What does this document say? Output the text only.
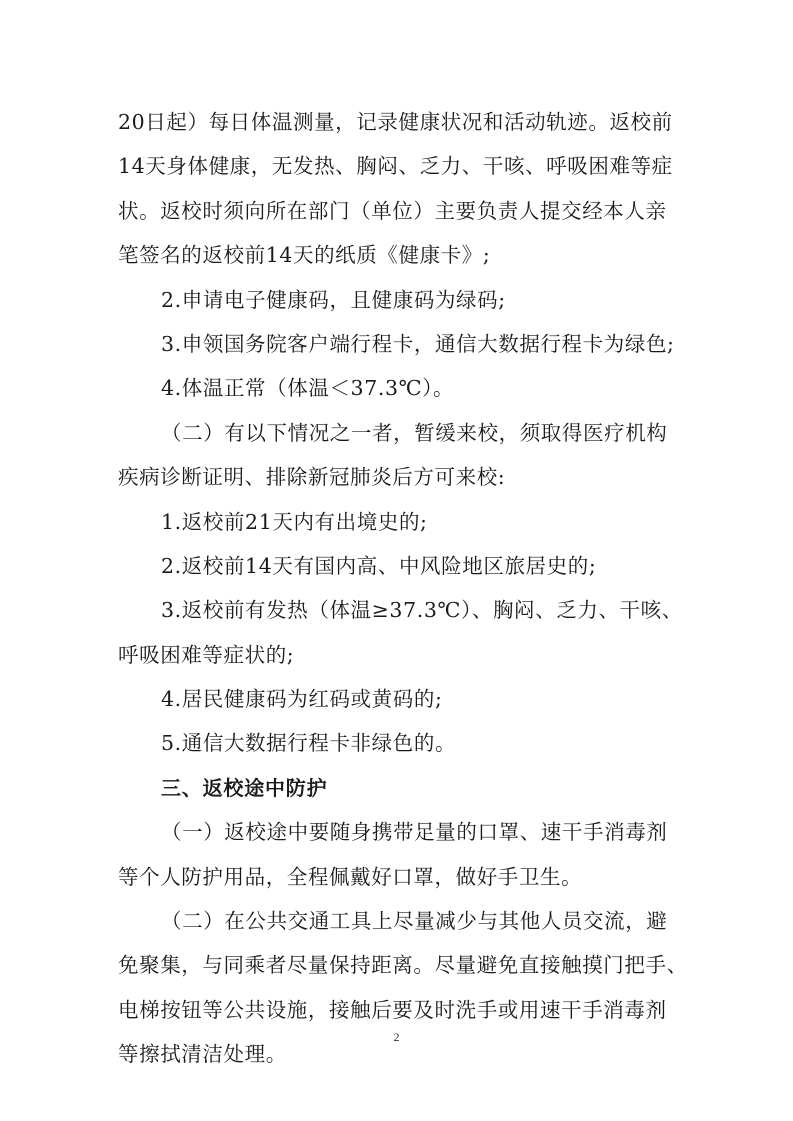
20日起）每日体温测量，记录健康状况和活动轨迹。返校前
14天身体健康，无发热、胸闷、乏力、干咳、呼吸困难等症
状。返校时须向所在部门（单位）主要负责人提交经本人亲
笔签名的返校前14天的纸质《健康卡》;
2.申请电子健康码，且健康码为绿码;
3.申领国务院客户端行程卡，通信大数据行程卡为绿色;
4.体温正常（体温＜37.3℃）。
（二）有以下情况之一者，暂缓来校，须取得医疗机构
疾病诊断证明、排除新冠肺炎后方可来校:
1.返校前21天内有出境史的;
2.返校前14天有国内高、中风险地区旅居史的;
3.返校前有发热（体温≥37.3℃）、胸闷、乏力、干咳、
呼吸困难等症状的;
4.居民健康码为红码或黄码的;
5.通信大数据行程卡非绿色的。
三、返校途中防护
（一）返校途中要随身携带足量的口罩、速干手消毒剂
等个人防护用品，全程佩戴好口罩，做好手卫生。
（二）在公共交通工具上尽量减少与其他人员交流，避
免聚集，与同乘者尽量保持距离。尽量避免直接触摸门把手、
电梯按钮等公共设施，接触后要及时洗手或用速干手消毒剂
等擦拭清洁处理。
2
